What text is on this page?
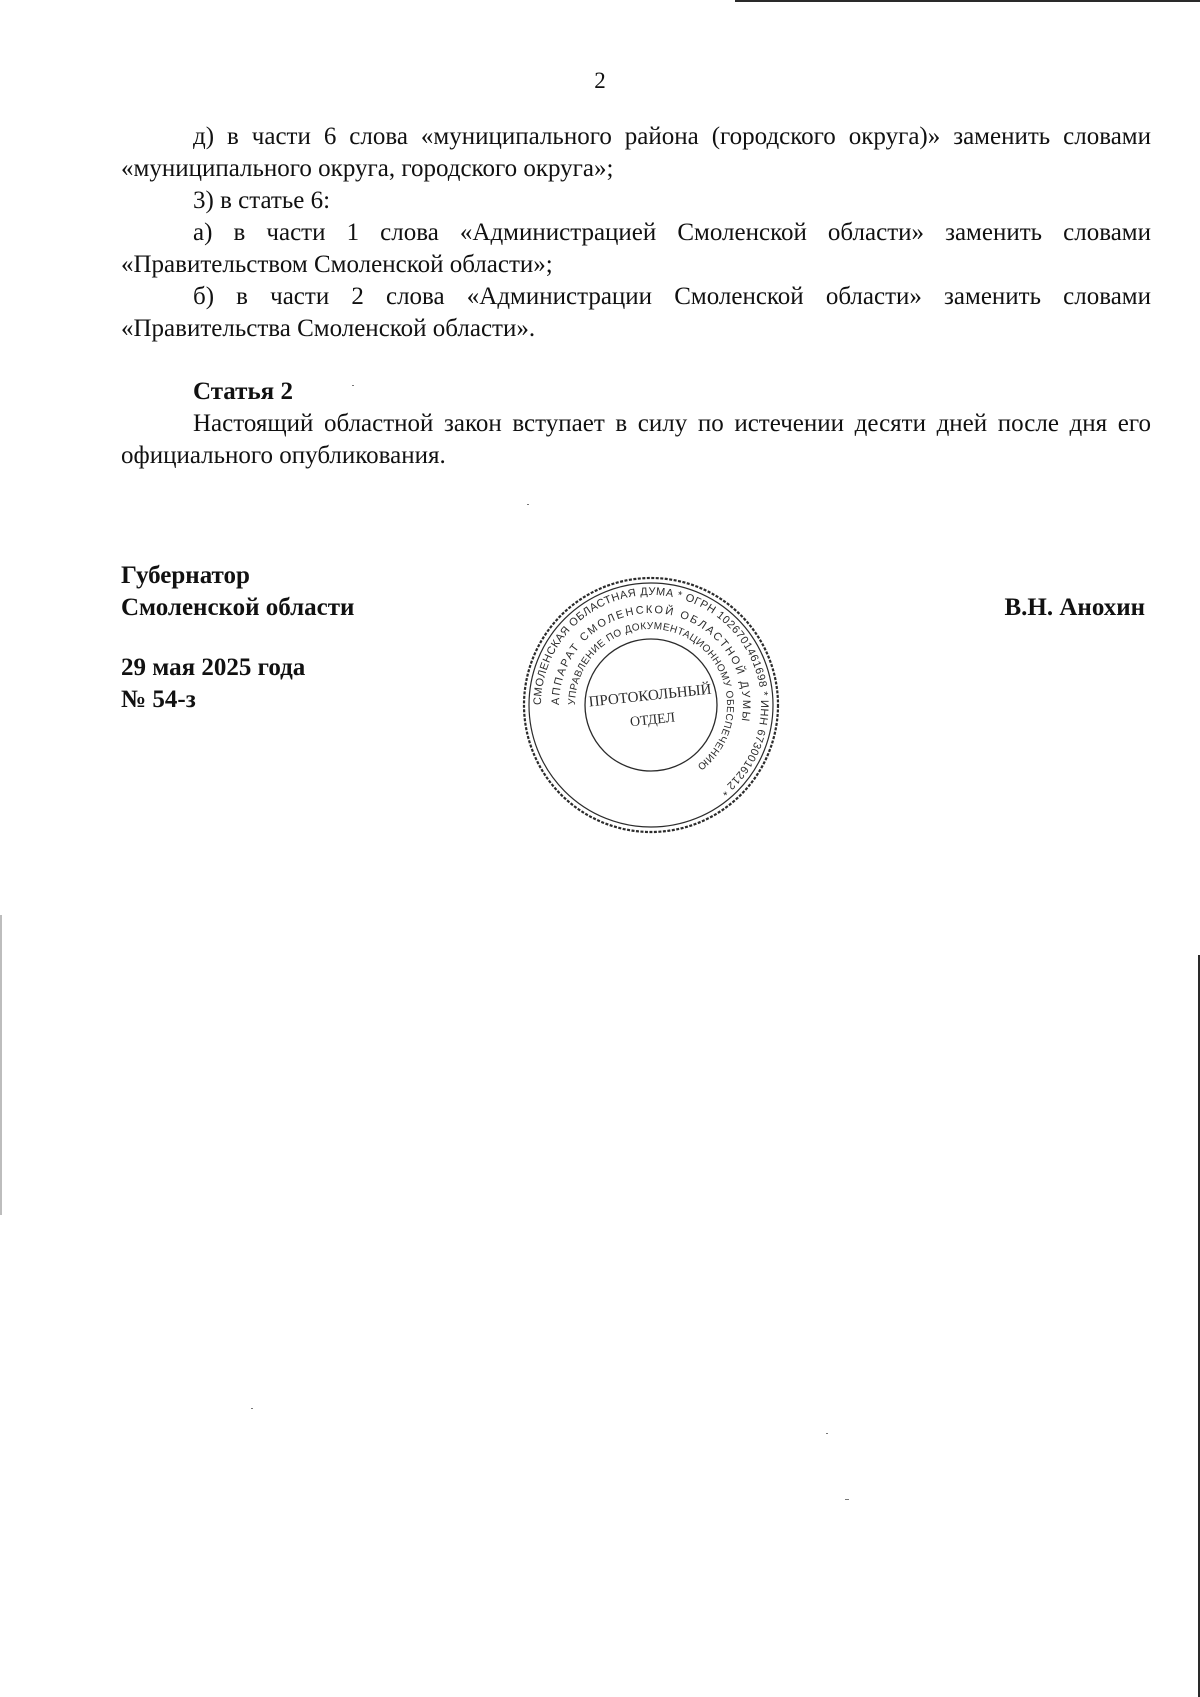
2

д) в части 6 слова «муниципального района (городского округа)» заменить словами «муниципального округа, городского округа»;

3) в статье 6:

а) в части 1 слова «Администрацией Смоленской области» заменить словами «Правительством Смоленской области»;

б) в части 2 слова «Администрации Смоленской области» заменить словами «Правительства Смоленской области».

Статья 2

Настоящий областной закон вступает в силу по истечении десяти дней после дня его официального опубликования.

Губернатор
Смоленской области	В.Н. Анохин
29 мая 2025 года
№ 54-з	СМОЛЕНСКАЯ ОБЛАСТНАЯ ДУМА * ОГРН 1026701461698 * ИНН 6730016212 *
АППАРАТ СМОЛЕНСКОЙ ОБЛАСТНОЙ ДУМЫ
УПРАВЛЕНИЕ ПО ДОКУМЕНТАЦИОННОМУ ОБЕСПЕЧЕНИЮ
ПРОТОКОЛЬНЫЙ
ОТДЕЛ
